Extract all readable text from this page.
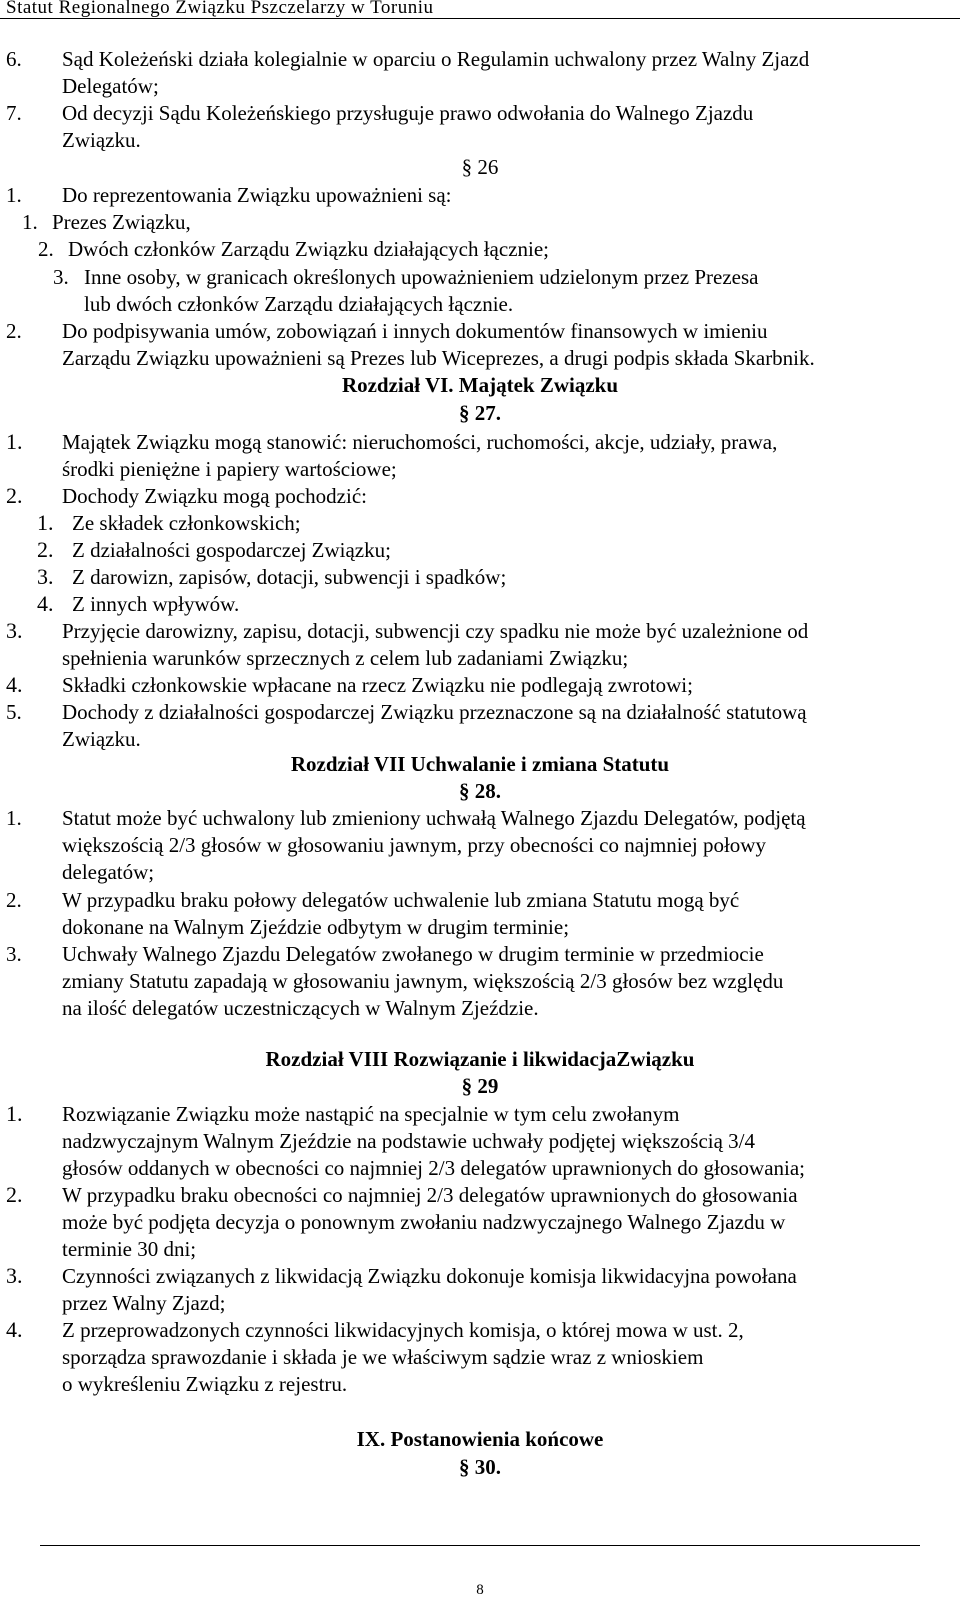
Statut Regionalnego Związku Pszczelarzy w Toruniu
6. Sąd Koleżeński działa kolegialnie w oparciu o Regulamin uchwalony przez Walny Zjazd
Delegatów;
7. Od decyzji Sądu Koleżeńskiego przysługuje prawo odwołania do Walnego Zjazdu
Związku.
§ 26
1. Do reprezentowania Związku upoważnieni są:
1. Prezes Związku,
2. Dwóch członków Zarządu Związku działających łącznie;
3. Inne osoby, w granicach określonych upoważnieniem udzielonym przez Prezesa
lub dwóch członków Zarządu działających łącznie.
2. Do podpisywania umów, zobowiązań i innych dokumentów finansowych w imieniu
Zarządu Związku upoważnieni są Prezes lub Wiceprezes, a drugi podpis składa Skarbnik.
Rozdział VI. Majątek Związku
§ 27.
1. Majątek Związku mogą stanowić: nieruchomości, ruchomości, akcje, udziały, prawa,
środki pieniężne i papiery wartościowe;
2. Dochody Związku mogą pochodzić:
1. Ze składek członkowskich;
2. Z działalności gospodarczej Związku;
3. Z darowizn, zapisów, dotacji, subwencji i spadków;
4. Z innych wpływów.
3. Przyjęcie darowizny, zapisu, dotacji, subwencji czy spadku nie może być uzależnione od
spełnienia warunków sprzecznych z celem lub zadaniami Związku;
4. Składki członkowskie wpłacane na rzecz Związku nie podlegają zwrotowi;
5. Dochody z działalności gospodarczej Związku przeznaczone są na działalność statutową
Związku.
Rozdział VII Uchwalanie i zmiana Statutu
§ 28.
1. Statut może być uchwalony lub zmieniony uchwałą Walnego Zjazdu Delegatów, podjętą
większością 2/3 głosów w głosowaniu jawnym, przy obecności co najmniej połowy
delegatów;
2. W przypadku braku połowy delegatów uchwalenie lub zmiana Statutu mogą być
dokonane na Walnym Zjeździe odbytym w drugim terminie;
3. Uchwały Walnego Zjazdu Delegatów zwołanego w drugim terminie w przedmiocie
zmiany Statutu zapadają w głosowaniu jawnym, większością 2/3 głosów bez względu
na ilość delegatów uczestniczących w Walnym Zjeździe.
Rozdział VIII Rozwiązanie i likwidacjaZwiązku
§ 29
1. Rozwiązanie Związku może nastąpić na specjalnie w tym celu zwołanym
nadzwyczajnym Walnym Zjeździe na podstawie uchwały podjętej większością 3/4
głosów oddanych w obecności co najmniej 2/3 delegatów uprawnionych do głosowania;
2. W przypadku braku obecności co najmniej 2/3 delegatów uprawnionych do głosowania
może być podjęta decyzja o ponownym zwołaniu nadzwyczajnego Walnego Zjazdu w
terminie 30 dni;
3. Czynności związanych z likwidacją Związku dokonuje komisja likwidacyjna powołana
przez Walny Zjazd;
4. Z przeprowadzonych czynności likwidacyjnych komisja, o której mowa w ust. 2,
sporządza sprawozdanie i składa je we właściwym sądzie wraz z wnioskiem
o wykreśleniu Związku z rejestru.
IX. Postanowienia końcowe
§ 30.
8
